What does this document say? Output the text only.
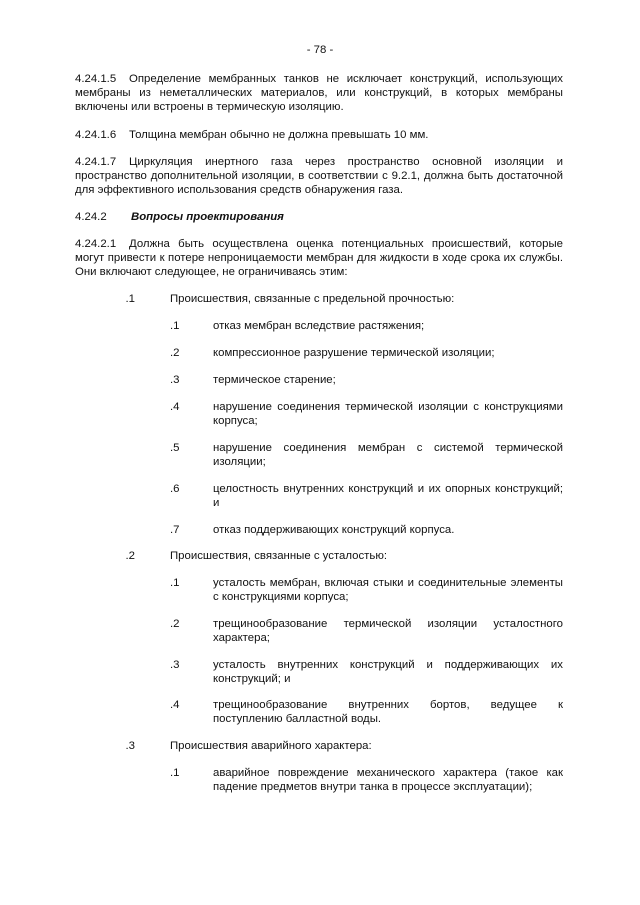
- 78 -

4.24.1.5 Определение мембранных танков не исключает конструкций, использующих мембраны из неметаллических материалов, или конструкций, в которых мембраны включены или встроены в термическую изоляцию.

4.24.1.6 Толщина мембран обычно не должна превышать 10 мм.

4.24.1.7 Циркуляция инертного газа через пространство основной изоляции и пространство дополнительной изоляции, в соответствии с 9.2.1, должна быть достаточной для эффективного использования средств обнаружения газа.

4.24.2 Вопросы проектирования

4.24.2.1 Должна быть осуществлена оценка потенциальных происшествий, которые могут привести к потере непроницаемости мембран для жидкости в ходе срока их службы. Они включают следующее, не ограничиваясь этим:

.1	Происшествия, связанные с предельной прочностью:
.1	отказ мембран вследствие растяжения;
.2	компрессионное разрушение термической изоляции;
.3	термическое старение;
.4	нарушение соединения термической изоляции с конструкциями корпуса;
.5	нарушение соединения мембран с системой термической изоляции;
.6	целостность внутренних конструкций и их опорных конструкций; и
.7	отказ поддерживающих конструкций корпуса.
.2	Происшествия, связанные с усталостью:
.1	усталость мембран, включая стыки и соединительные элементы с конструкциями корпуса;
.2	трещинообразование термической изоляции усталостного характера;
.3	усталость внутренних конструкций и поддерживающих их конструкций; и
.4	трещинообразование внутренних бортов, ведущее к поступлению балластной воды.
.3	Происшествия аварийного характера:
.1	аварийное повреждение механического характера (такое как падение предметов внутри танка в процессе эксплуатации);
